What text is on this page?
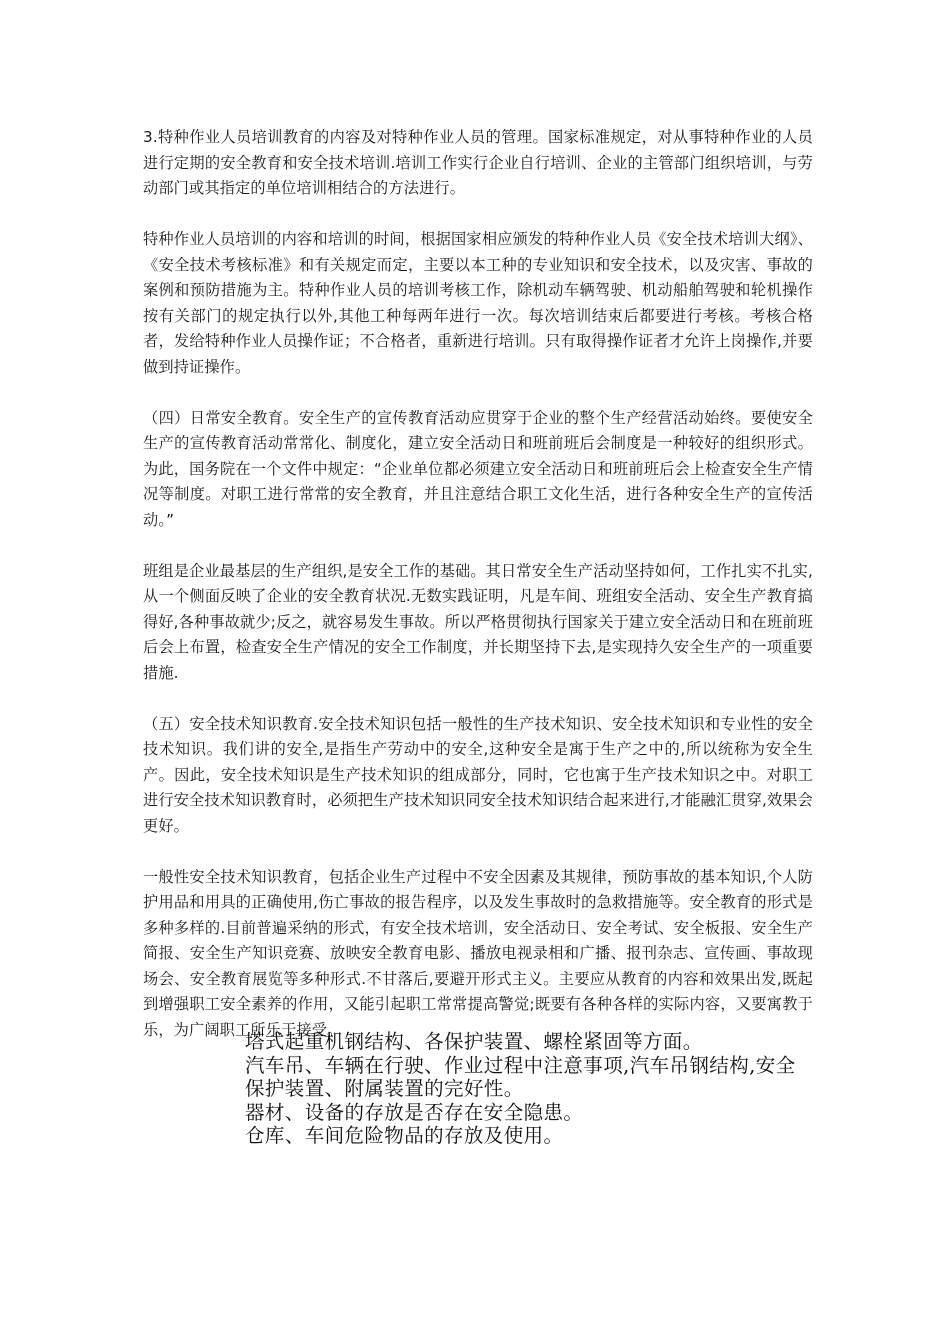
3.特种作业人员培训教育的内容及对特种作业人员的管理。国家标准规定，对从事特种作业的人员进行定期的安全教育和安全技术培训.培训工作实行企业自行培训、企业的主管部门组织培训，与劳动部门或其指定的单位培训相结合的方法进行。

特种作业人员培训的内容和培训的时间，根据国家相应颁发的特种作业人员《安全技术培训大纲》、《安全技术考核标准》和有关规定而定，主要以本工种的专业知识和安全技术，以及灾害、事故的案例和预防措施为主。特种作业人员的培训考核工作，除机动车辆驾驶、机动船舶驾驶和轮机操作按有关部门的规定执行以外,其他工种每两年进行一次。每次培训结束后都要进行考核。考核合格者，发给特种作业人员操作证；不合格者，重新进行培训。只有取得操作证者才允许上岗操作,并要做到持证操作。

（四）日常安全教育。安全生产的宣传教育活动应贯穿于企业的整个生产经营活动始终。要使安全生产的宣传教育活动常常化、制度化，建立安全活动日和班前班后会制度是一种较好的组织形式。为此，国务院在一个文件中规定：“企业单位都必须建立安全活动日和班前班后会上检查安全生产情况等制度。对职工进行常常的安全教育，并且注意结合职工文化生活，进行各种安全生产的宣传活动。”

班组是企业最基层的生产组织,是安全工作的基础。其日常安全生产活动坚持如何，工作扎实不扎实,从一个侧面反映了企业的安全教育状况.无数实践证明，凡是车间、班组安全活动、安全生产教育搞得好,各种事故就少;反之，就容易发生事故。所以严格贯彻执行国家关于建立安全活动日和在班前班后会上布置，检查安全生产情况的安全工作制度，并长期坚持下去,是实现持久安全生产的一项重要措施.

（五）安全技术知识教育.安全技术知识包括一般性的生产技术知识、安全技术知识和专业性的安全技术知识。我们讲的安全,是指生产劳动中的安全,这种安全是寓于生产之中的,所以统称为安全生产。因此，安全技术知识是生产技术知识的组成部分，同时，它也寓于生产技术知识之中。对职工进行安全技术知识教育时，必须把生产技术知识同安全技术知识结合起来进行,才能融汇贯穿,效果会更好。

一般性安全技术知识教育，包括企业生产过程中不安全因素及其规律，预防事故的基本知识,个人防护用品和用具的正确使用,伤亡事故的报告程序，以及发生事故时的急救措施等。安全教育的形式是多种多样的.目前普遍采纳的形式，有安全技术培训，安全活动日、安全考试、安全板报、安全生产简报、安全生产知识竞赛、放映安全教育电影、播放电视录相和广播、报刊杂志、宣传画、事故现场会、安全教育展览等多种形式.不甘落后,要避开形式主义。主要应从教育的内容和效果出发,既起到增强职工安全素养的作用，又能引起职工常常提高警觉;既要有各种各样的实际内容，又要寓教于乐，为广阔职工所乐于接受。

塔式起重机钢结构、各保护装置、螺栓紧固等方面。

汽车吊、车辆在行驶、作业过程中注意事项,汽车吊钢结构,安全保护装置、附属装置的完好性。

器材、设备的存放是否存在安全隐患。

仓库、车间危险物品的存放及使用。
